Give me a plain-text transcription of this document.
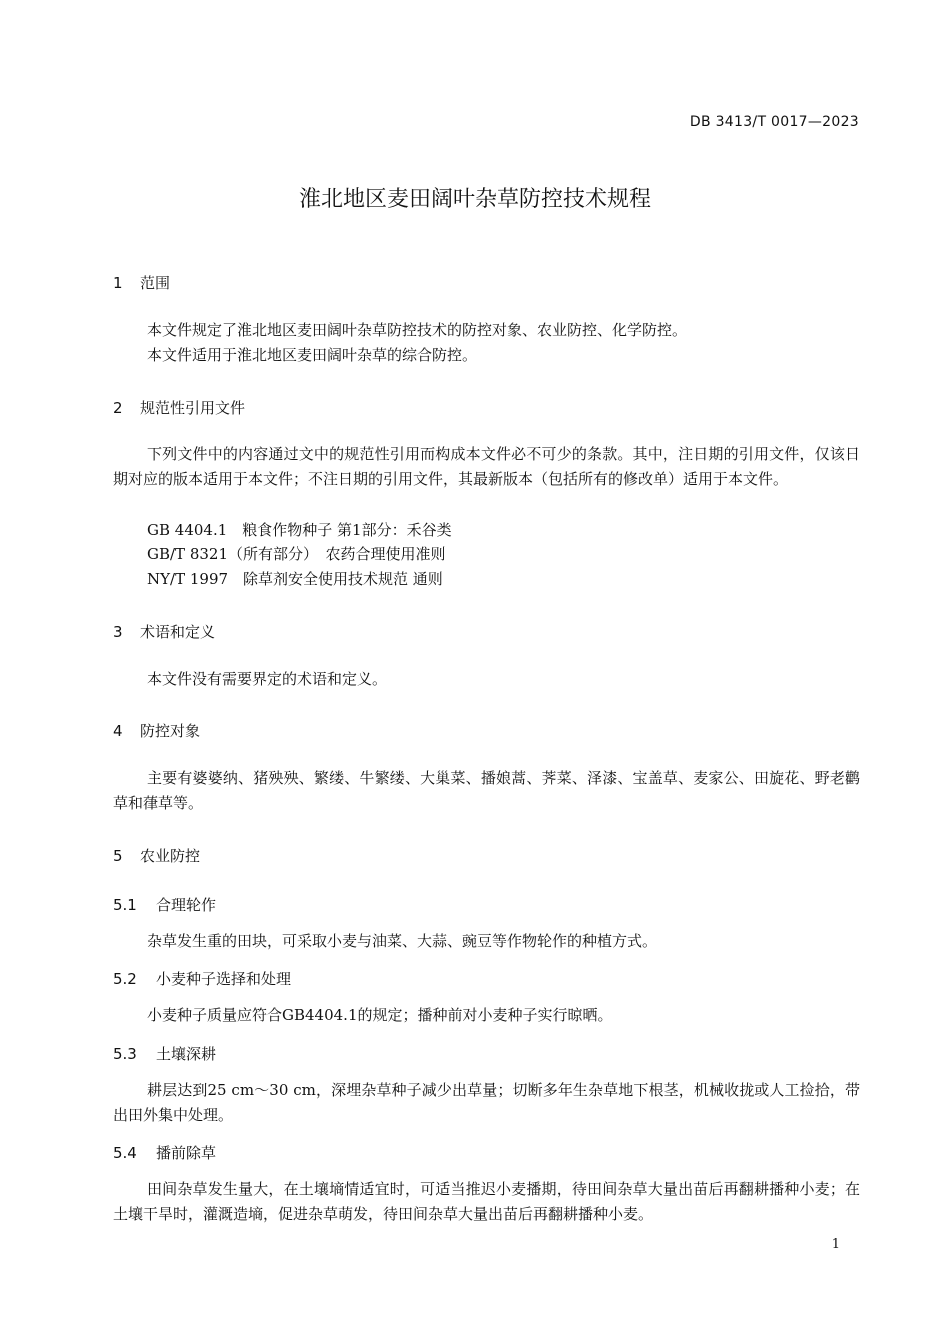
DB 3413/T 0017—2023
淮北地区麦田阔叶杂草防控技术规程
1 范围
本文件规定了淮北地区麦田阔叶杂草防控技术的防控对象、农业防控、化学防控。
本文件适用于淮北地区麦田阔叶杂草的综合防控。
2 规范性引用文件
下列文件中的内容通过文中的规范性引用而构成本文件必不可少的条款。其中，注日期的引用文件，仅该日期对应的版本适用于本文件；不注日期的引用文件，其最新版本（包括所有的修改单）适用于本文件。
GB 4404.1　粮食作物种子 第1部分：禾谷类
GB/T 8321（所有部分）　农药合理使用准则
NY/T 1997　除草剂安全使用技术规范 通则
3 术语和定义
本文件没有需要界定的术语和定义。
4 防控对象
主要有婆婆纳、猪殃殃、繁缕、牛繁缕、大巢菜、播娘蒿、荠菜、泽漆、宝盖草、麦家公、田旋花、野老鹳草和葎草等。
5 农业防控
5.1 合理轮作
杂草发生重的田块，可采取小麦与油菜、大蒜、豌豆等作物轮作的种植方式。
5.2 小麦种子选择和处理
小麦种子质量应符合GB4404.1的规定；播种前对小麦种子实行晾晒。
5.3 土壤深耕
耕层达到25 cm～30 cm，深埋杂草种子减少出草量；切断多年生杂草地下根茎，机械收拢或人工捡拾，带出田外集中处理。
5.4 播前除草
田间杂草发生量大，在土壤墒情适宜时，可适当推迟小麦播期，待田间杂草大量出苗后再翻耕播种小麦；在土壤干旱时，灌溉造墒，促进杂草萌发，待田间杂草大量出苗后再翻耕播种小麦。
1
